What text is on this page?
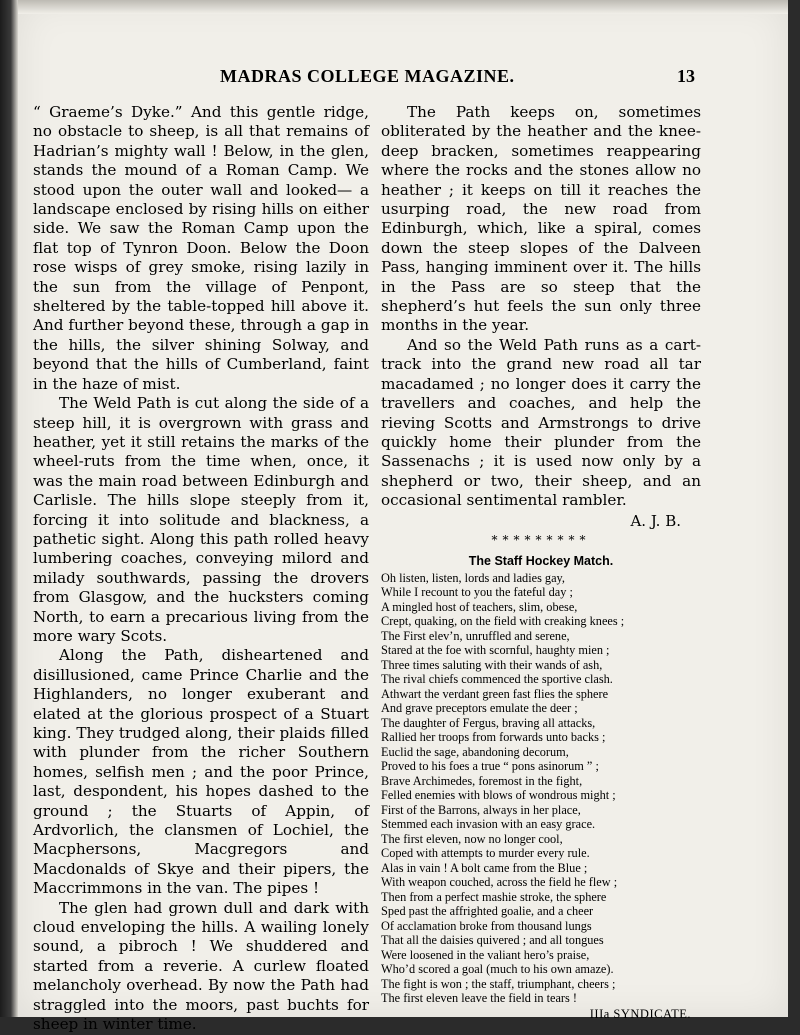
MADRAS COLLEGE MAGAZINE.	13

“ Graeme’s Dyke.” And this gentle ridge, no obstacle to sheep, is all that remains of Hadrian’s mighty wall ! Below, in the glen, stands the mound of a Roman Camp. We stood upon the outer wall and looked— a landscape enclosed by rising hills on either side. We saw the Roman Camp upon the flat top of Tynron Doon. Below the Doon rose wisps of grey smoke, rising lazily in the sun from the village of Penpont, sheltered by the table-topped hill above it. And further beyond these, through a gap in the hills, the silver shining Solway, and beyond that the hills of Cumberland, faint in the haze of mist.

The Weld Path is cut along the side of a steep hill, it is overgrown with grass and heather, yet it still retains the marks of the wheel-ruts from the time when, once, it was the main road between Edinburgh and Carlisle. The hills slope steeply from it, forcing it into solitude and blackness, a pathetic sight. Along this path rolled heavy lumbering coaches, conveying milord and milady southwards, passing the drovers from Glasgow, and the hucksters coming North, to earn a precarious living from the more wary Scots.

Along the Path, disheartened and disillusioned, came Prince Charlie and the Highlanders, no longer exuberant and elated at the glorious prospect of a Stuart king. They trudged along, their plaids filled with plunder from the richer Southern homes, selfish men ; and the poor Prince, last, despondent, his hopes dashed to the ground ; the Stuarts of Appin, of Ardvorlich, the clansmen of Lochiel, the Macphersons, Macgregors and Macdonalds of Skye and their pipers, the Maccrimmons in the van. The pipes !

The glen had grown dull and dark with cloud enveloping the hills. A wailing lonely sound, a pibroch ! We shuddered and started from a reverie. A curlew floated melancholy overhead. By now the Path had straggled into the moors, past buchts for sheep in winter time.

The Path keeps on, sometimes obliterated by the heather and the knee-deep bracken, sometimes reappearing where the rocks and the stones allow no heather ; it keeps on till it reaches the usurping road, the new road from Edinburgh, which, like a spiral, comes down the steep slopes of the Dalveen Pass, hanging imminent over it. The hills in the Pass are so steep that the shepherd’s hut feels the sun only three months in the year.

And so the Weld Path runs as a cart-track into the grand new road all tar macadamed ; no longer does it carry the travellers and coaches, and help the rieving Scotts and Armstrongs to drive quickly home their plunder from the Sassenachs ; it is used now only by a shepherd or two, their sheep, and an occasional sentimental rambler.

A. J. B.
*********
The Staff Hockey Match.
Oh listen, listen, lords and ladies gay,
While I recount to you the fateful day ;
A mingled host of teachers, slim, obese,
Crept, quaking, on the field with creaking knees ;
The First elev’n, unruffled and serene,
Stared at the foe with scornful, haughty mien ;
Three times saluting with their wands of ash,
The rival chiefs commenced the sportive clash.
Athwart the verdant green fast flies the sphere
And grave preceptors emulate the deer ;
The daughter of Fergus, braving all attacks,
Rallied her troops from forwards unto backs ;
Euclid the sage, abandoning decorum,
Proved to his foes a true “ pons asinorum ” ;
Brave Archimedes, foremost in the fight,
Felled enemies with blows of wondrous might ;
First of the Barrons, always in her place,
Stemmed each invasion with an easy grace.
The first eleven, now no longer cool,
Coped with attempts to murder every rule.
Alas in vain ! A bolt came from the Blue ;
With weapon couched, across the field he flew ;
Then from a perfect mashie stroke, the sphere
Sped past the affrighted goalie, and a cheer
Of acclamation broke from thousand lungs
That all the daisies quivered ; and all tongues
Were loosened in the valiant hero’s praise,
Who’d scored a goal (much to his own amaze).
The fight is won ; the staff, triumphant, cheers ;
The first eleven leave the field in tears !
IIIa SYNDICATE.
